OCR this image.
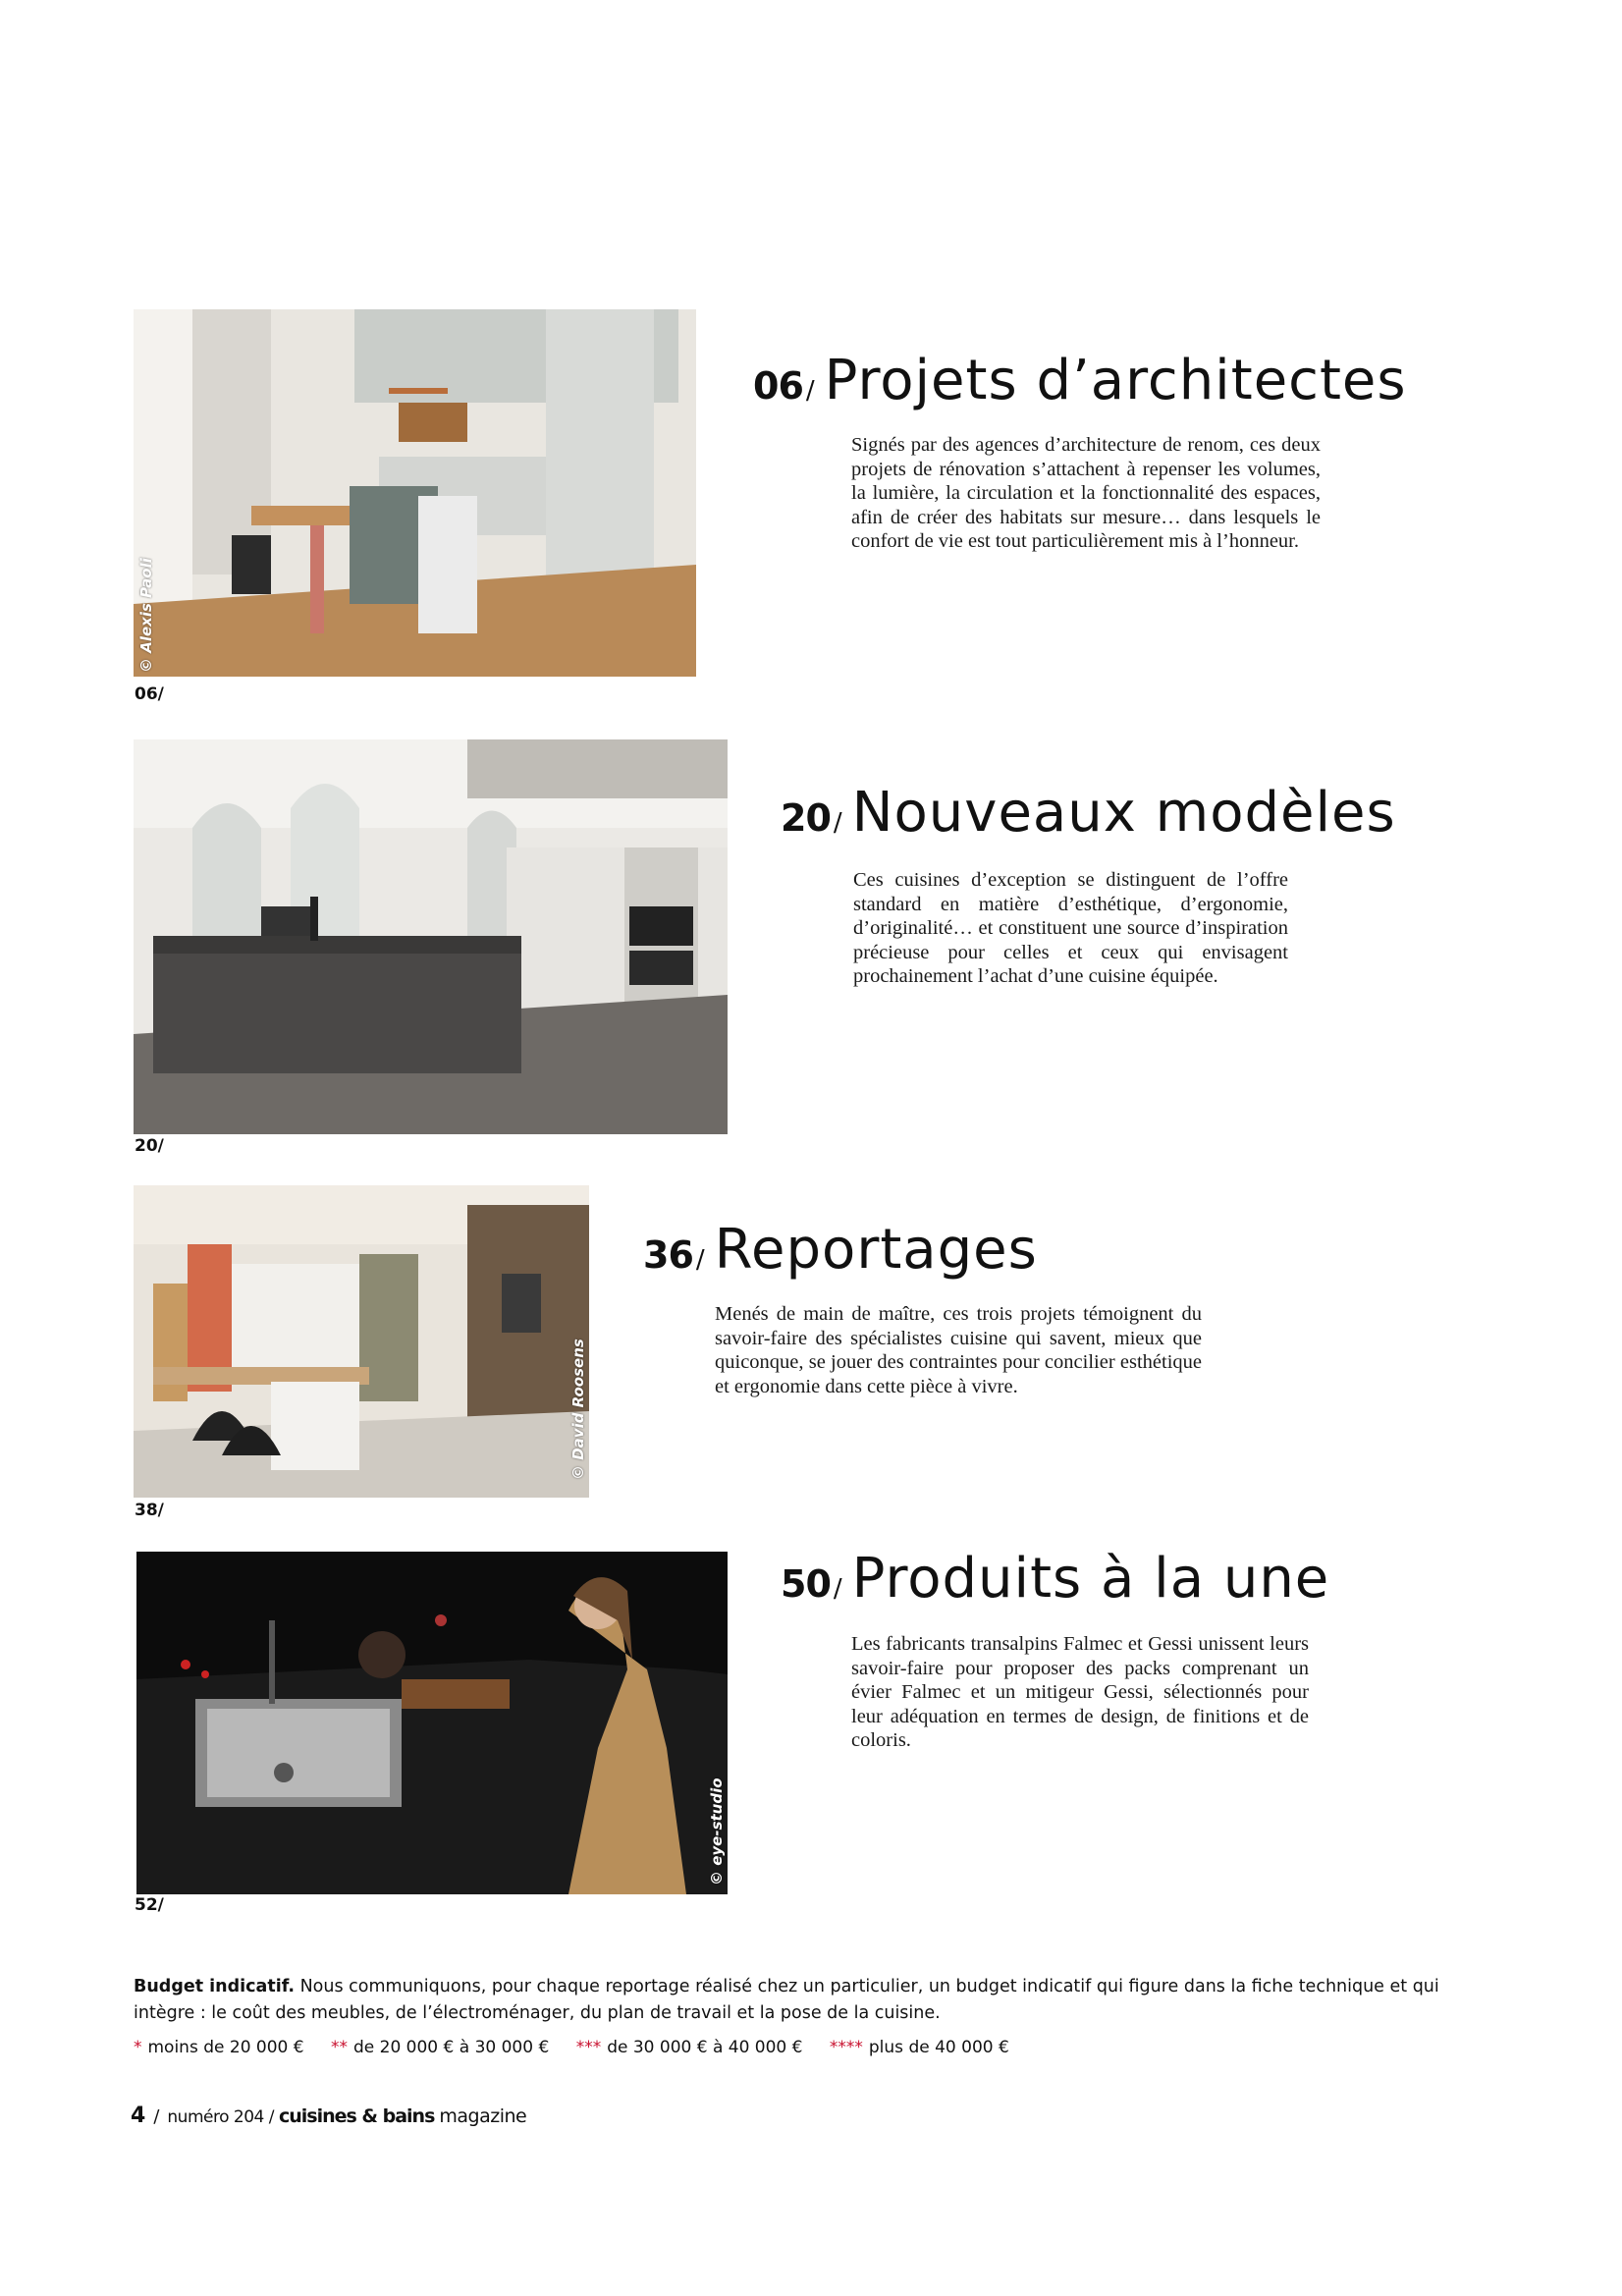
© Alexis Paoli
06/
06 / Projets d’architectes

Signés par des agences d’architecture de renom, ces deux projets de rénovation s’attachent à repenser les volumes, la lumière, la circulation et la fonctionnalité des espaces, afin de créer des habitats sur mesure… dans lesquels le confort de vie est tout particulièrement mis à l’honneur.

20/
20 / Nouveaux modèles

Ces cuisines d’exception se distinguent de l’offre standard en matière d’esthétique, d’ergonomie, d’originalité… et constituent une source d’inspiration précieuse pour celles et ceux qui envisagent prochainement l’achat d’une cuisine équipée.

© David Roosens
38/
36 / Reportages

Menés de main de maître, ces trois projets témoignent du savoir-faire des spécialistes cuisine qui savent, mieux que quiconque, se jouer des contraintes pour concilier esthétique et ergonomie dans cette pièce à vivre.

© eye-studio
52/
50 / Produits à la une

Les fabricants transalpins Falmec et Gessi unissent leurs savoir-faire pour proposer des packs comprenant un évier Falmec et un mitigeur Gessi, sélectionnés pour leur adéquation en termes de design, de finitions et de coloris.

Budget indicatif. Nous communiquons, pour chaque reportage réalisé chez un particulier, un budget indicatif qui figure dans la fiche technique et qui intègre : le coût des meubles, de l’électroménager, du plan de travail et la pose de la cuisine.
* moins de 20 000 € ** de 20 000 € à 30 000 € *** de 30 000 € à 40 000 € **** plus de 40 000 €
4 / numéro 204 / cuisines & bains magazine
